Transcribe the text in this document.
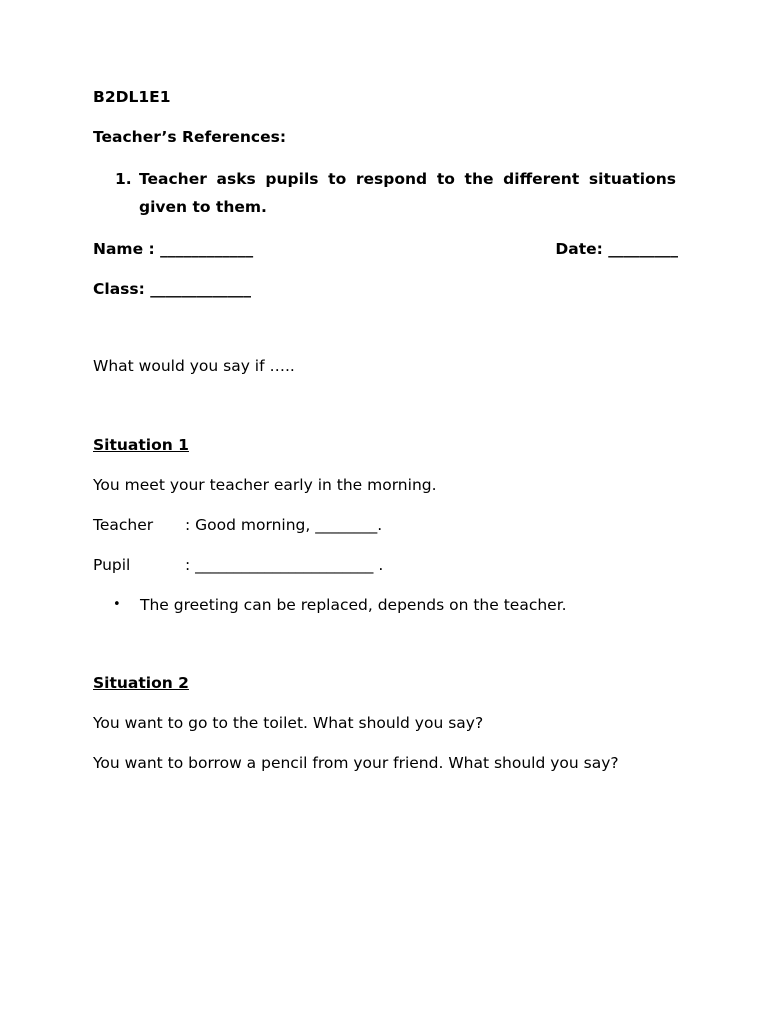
B2DL1E1

Teacher’s References:

1. Teacher asks pupils to respond to the different situations given to them.
Name : ____________	Date: _________

Class: _____________

What would you say if …..

Situation 1

You meet your teacher early in the morning.

Teacher	: Good morning, ________.
Pupil	: _______________________ .
•	The greeting can be replaced, depends on the teacher.

Situation 2

You want to go to the toilet. What should you say?

You want to borrow a pencil from your friend. What should you say?
